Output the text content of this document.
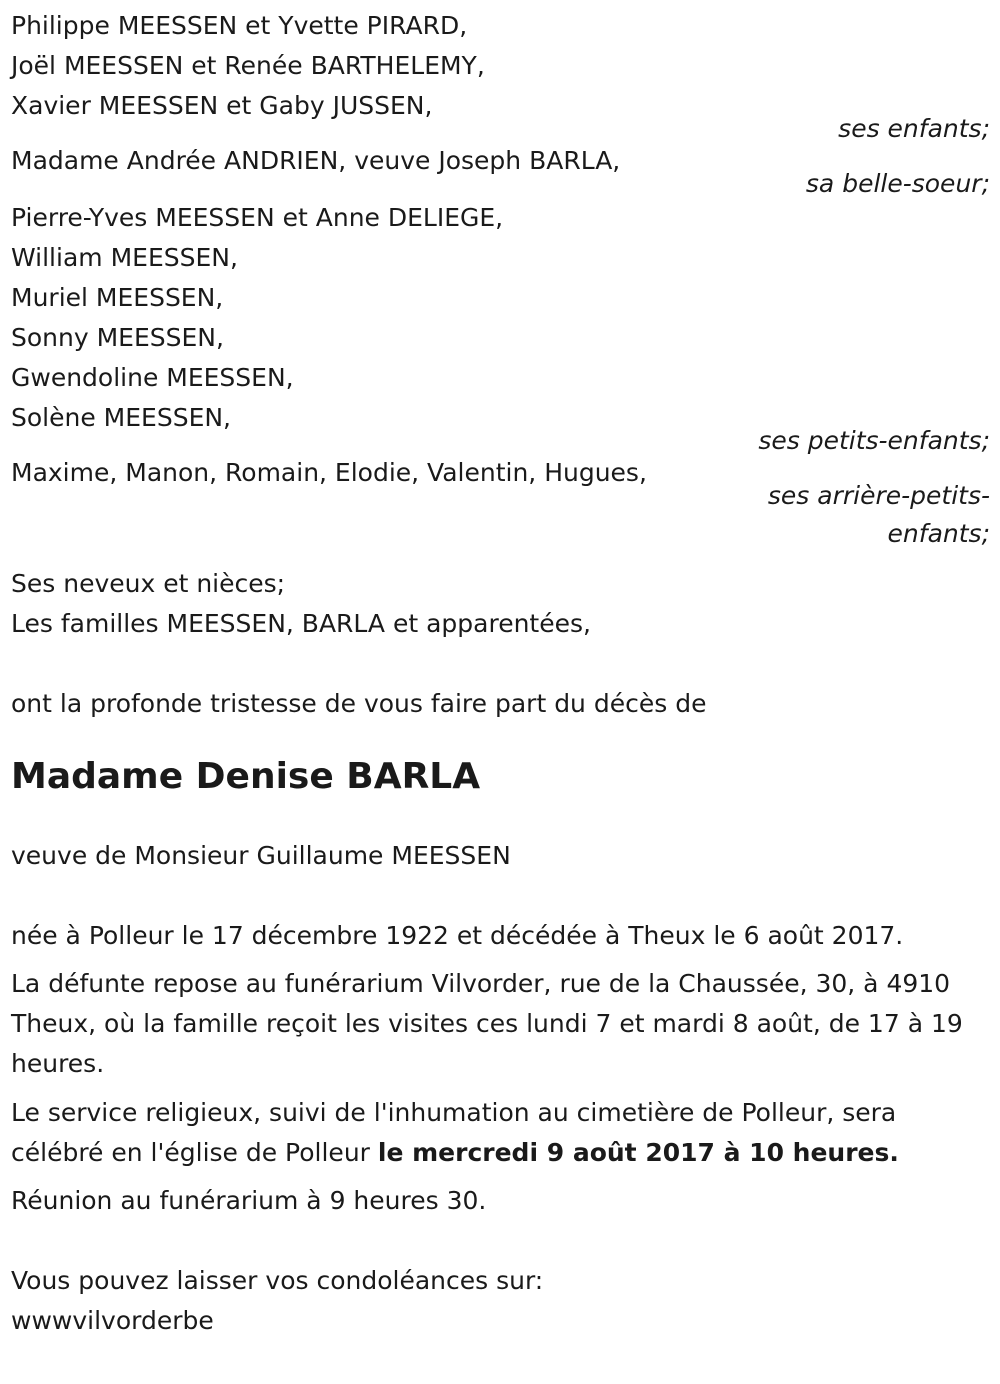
Philippe MEESSEN et Yvette PIRARD,
Joël MEESSEN et Renée BARTHELEMY,
Xavier MEESSEN et Gaby JUSSEN,
ses enfants;
Madame Andrée ANDRIEN, veuve Joseph BARLA,
sa belle-soeur;
Pierre-Yves MEESSEN et Anne DELIEGE,
William MEESSEN,
Muriel MEESSEN,
Sonny MEESSEN,
Gwendoline MEESSEN,
Solène MEESSEN,
ses petits-enfants;
Maxime, Manon, Romain, Elodie, Valentin, Hugues,
ses arrière-petits-
enfants;
Ses neveux et nièces;
Les familles MEESSEN, BARLA et apparentées,
ont la profonde tristesse de vous faire part du décès de
Madame Denise BARLA
veuve de Monsieur Guillaume MEESSEN
née à Polleur le 17 décembre 1922 et décédée à Theux le 6 août 2017.
La défunte repose au funérarium Vilvorder, rue de la Chaussée, 30, à 4910 Theux, où la famille reçoit les visites ces lundi 7 et mardi 8 août, de 17 à 19 heures.
Le service religieux, suivi de l'inhumation au cimetière de Polleur, sera célébré en l'église de Polleur le mercredi 9 août 2017 à 10 heures.
Réunion au funérarium à 9 heures 30.
Vous pouvez laisser vos condoléances sur:
wwwvilvorderbe
